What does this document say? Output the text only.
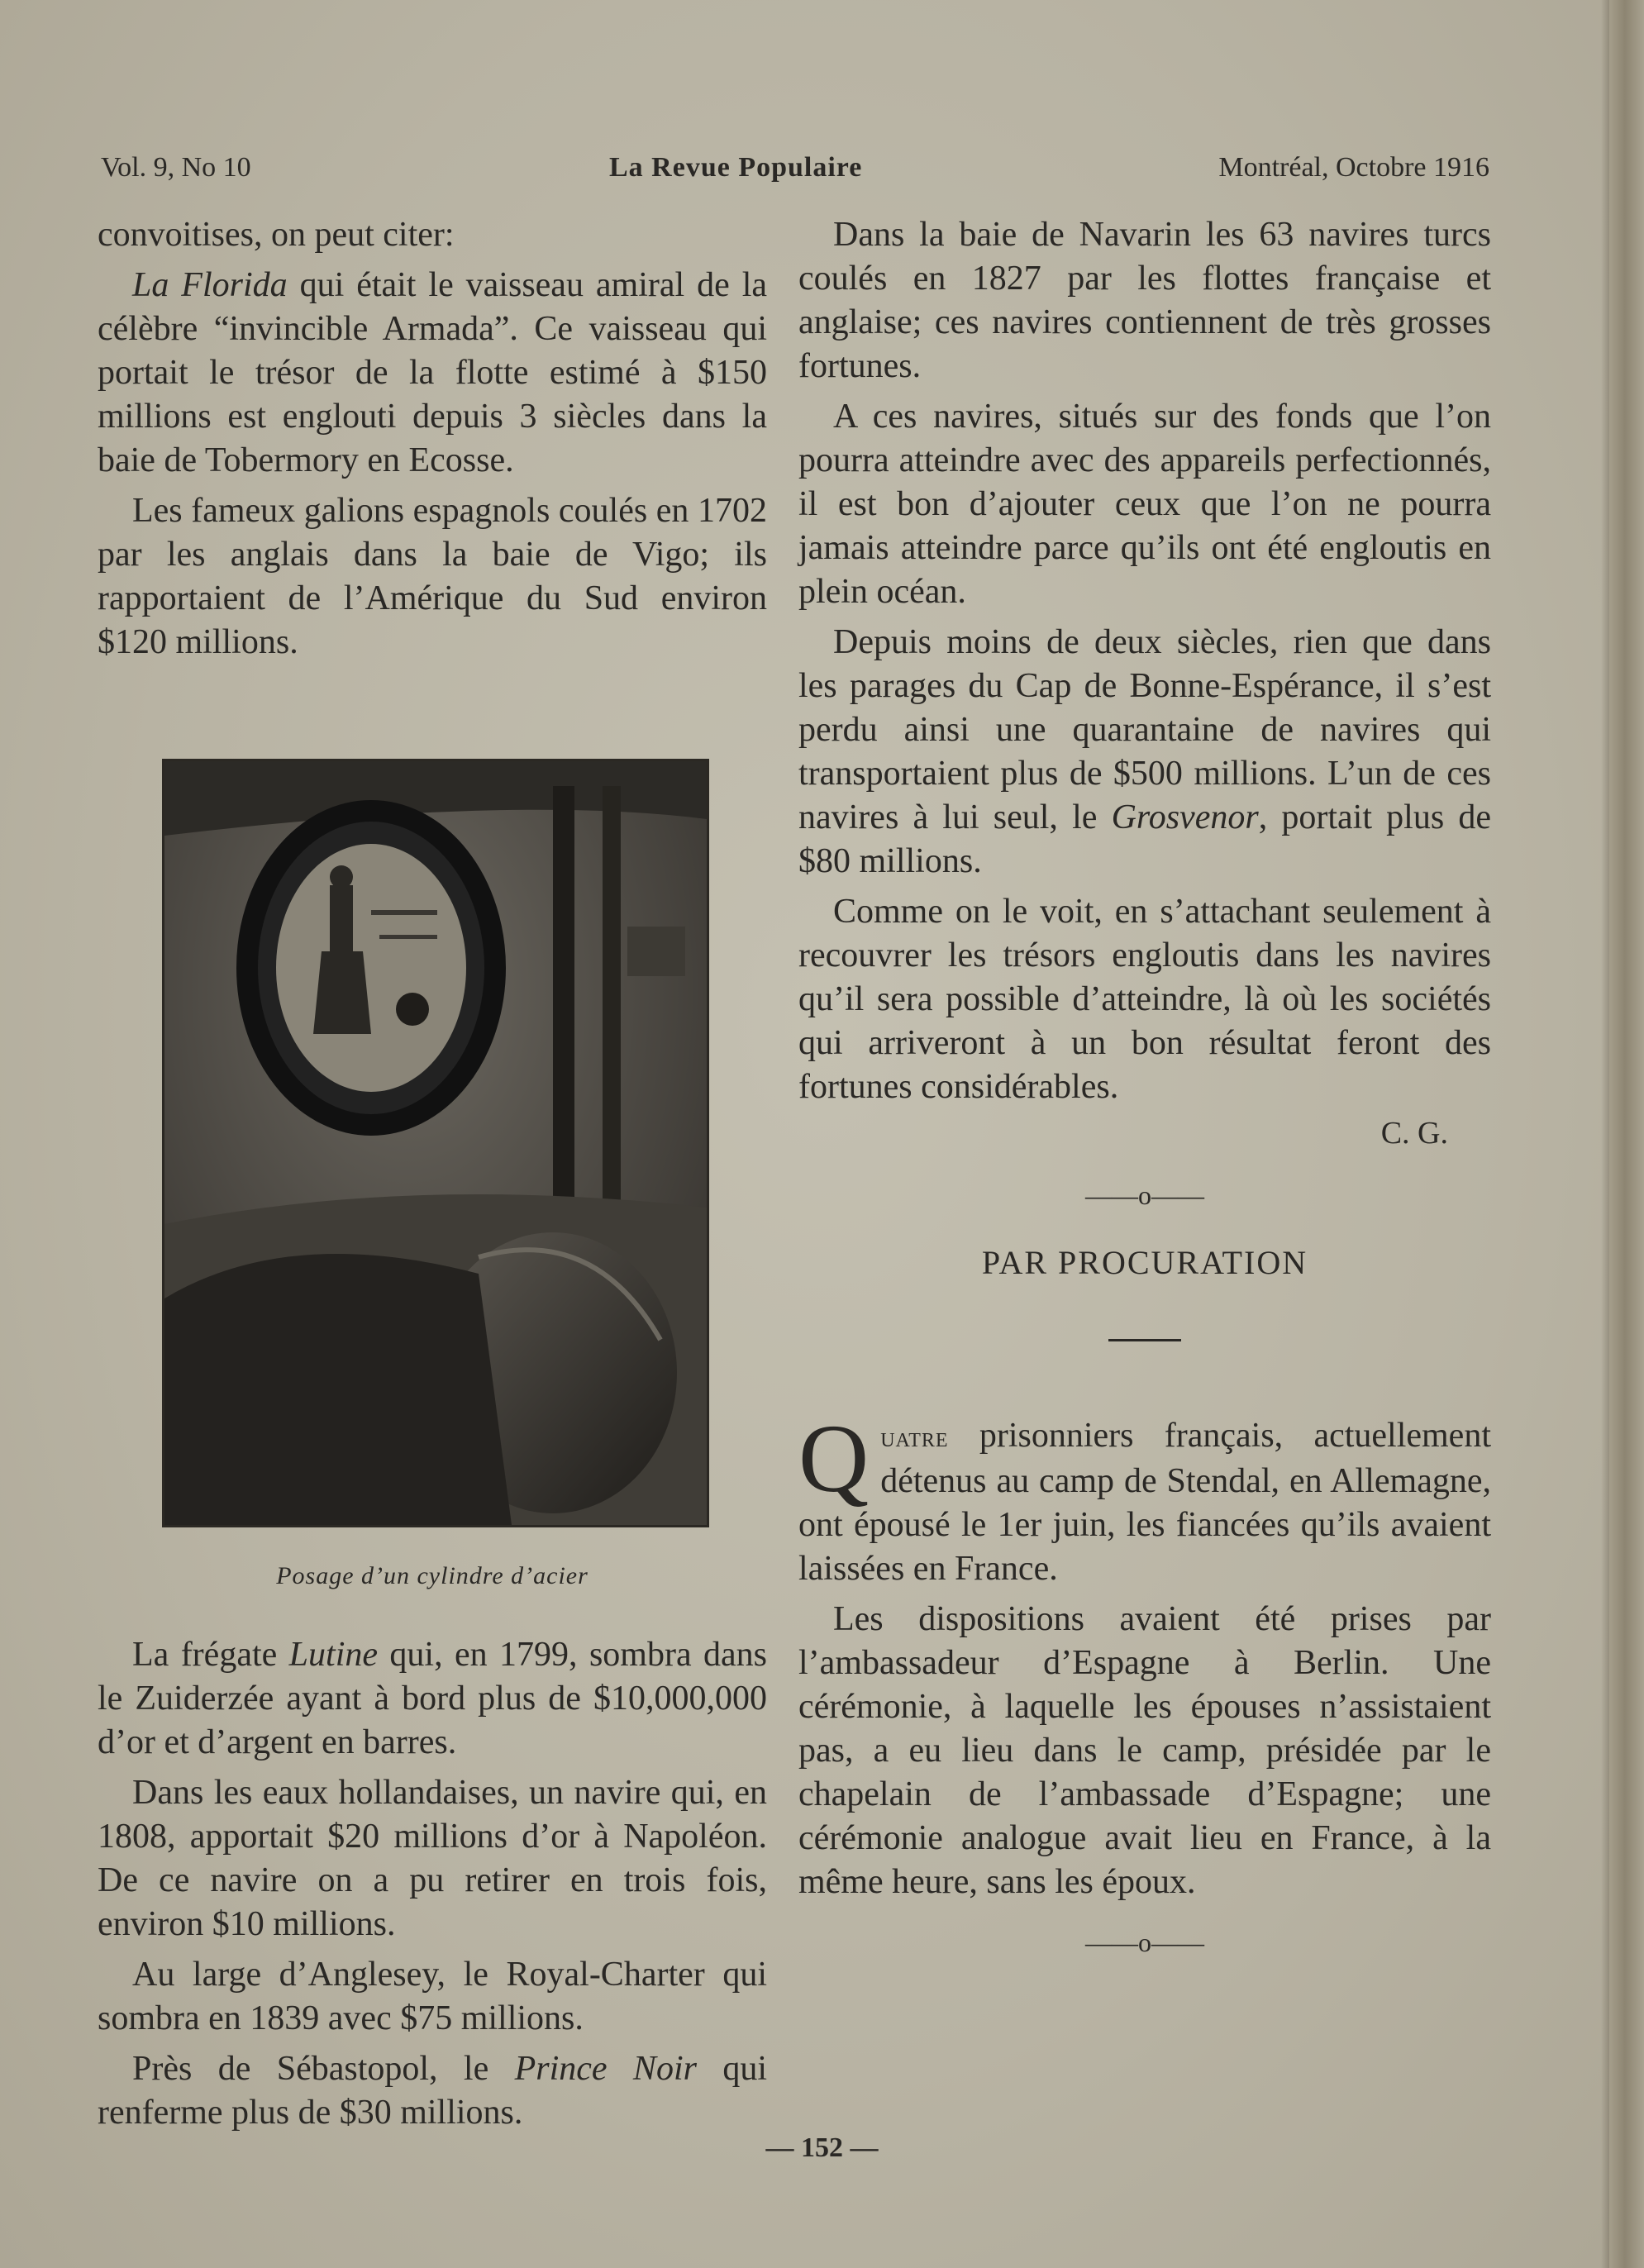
Vol. 9, No 10	La Revue Populaire	Montréal, Octobre 1916

convoitises, on peut citer:

La Florida qui était le vaisseau amiral de la célèbre “invincible Armada”. Ce vaisseau qui portait le trésor de la flotte estimé à $150 millions est englouti depuis 3 siècles dans la baie de Tobermory en Ecosse.

Les fameux galions espagnols coulés en 1702 par les anglais dans la baie de Vigo; ils rapportaient de l’Amérique du Sud environ $120 millions.

Posage d’un cylindre d’acier

La frégate Lutine qui, en 1799, sombra dans le Zuiderzée ayant à bord plus de $10,000,000 d’or et d’argent en barres.

Dans les eaux hollandaises, un navire qui, en 1808, apportait $20 millions d’or à Napoléon. De ce navire on a pu retirer en trois fois, environ $10 millions.

Au large d’Anglesey, le Royal-Charter qui sombra en 1839 avec $75 millions.

Près de Sébastopol, le Prince Noir qui renferme plus de $30 millions.

Dans la baie de Navarin les 63 navires turcs coulés en 1827 par les flottes française et anglaise; ces navires contiennent de très grosses fortunes.

A ces navires, situés sur des fonds que l’on pourra atteindre avec des appareils perfectionnés, il est bon d’ajouter ceux que l’on ne pourra jamais atteindre parce qu’ils ont été engloutis en plein océan.

Depuis moins de deux siècles, rien que dans les parages du Cap de Bonne-Espérance, il s’est perdu ainsi une quarantaine de navires qui transportaient plus de $500 millions. L’un de ces navires à lui seul, le Grosvenor, portait plus de $80 millions.

Comme on le voit, en s’attachant seulement à recouvrer les trésors engloutis dans les navires qu’il sera possible d’atteindre, là où les sociétés qui arriveront à un bon résultat feront des fortunes considérables.

C. G.
——o——
PAR PROCURATION

Quatre prisonniers français, actuellement détenus au camp de Stendal, en Allemagne, ont épousé le 1er juin, les fiancées qu’ils avaient laissées en France.

Les dispositions avaient été prises par l’ambassadeur d’Espagne à Berlin. Une cérémonie, à laquelle les épouses n’assistaient pas, a eu lieu dans le camp, présidée par le chapelain de l’ambassade d’Espagne; une cérémonie analogue avait lieu en France, à la même heure, sans les époux.

——o——
— 152 —
